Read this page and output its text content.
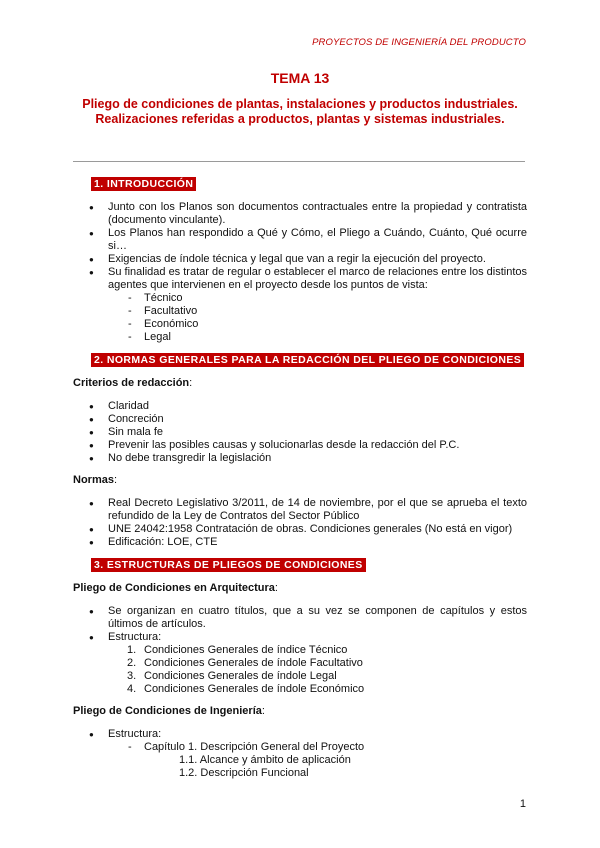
PROYECTOS DE INGENIERÍA DEL PRODUCTO
TEMA 13
Pliego de condiciones de plantas, instalaciones y productos industriales. Realizaciones referidas a productos, plantas y sistemas industriales.
1. INTRODUCCIÓN
● Junto con los Planos son documentos contractuales entre la propiedad y contratista (documento vinculante).
● Los Planos han respondido a Qué y Cómo, el Pliego a Cuándo, Cuánto, Qué ocurre si…
● Exigencias de índole técnica y legal que van a regir la ejecución del proyecto.
● Su finalidad es tratar de regular o establecer el marco de relaciones entre los distintos agentes que intervienen en el proyecto desde los puntos de vista:
- Técnico
- Facultativo
- Económico
- Legal
2. NORMAS GENERALES PARA LA REDACCIÓN DEL PLIEGO DE CONDICIONES
Criterios de redacción:
● Claridad
● Concreción
● Sin mala fe
● Prevenir las posibles causas y solucionarlas desde la redacción del P.C.
● No debe transgredir la legislación
Normas:
● Real Decreto Legislativo 3/2011, de 14 de noviembre, por el que se aprueba el texto refundido de la Ley de Contratos del Sector Público
● UNE 24042:1958 Contratación de obras. Condiciones generales (No está en vigor)
● Edificación: LOE, CTE
3. ESTRUCTURAS DE PLIEGOS DE CONDICIONES
Pliego de Condiciones en Arquitectura:
● Se organizan en cuatro títulos, que a su vez se componen de capítulos y estos últimos de artículos.
● Estructura:
1. Condiciones Generales de índice Técnico
2. Condiciones Generales de índole Facultativo
3. Condiciones Generales de índole Legal
4. Condiciones Generales de índole Económico
Pliego de Condiciones de Ingeniería:
● Estructura:
- Capítulo 1. Descripción General del Proyecto
1.1. Alcance y ámbito de aplicación
1.2. Descripción Funcional
1
